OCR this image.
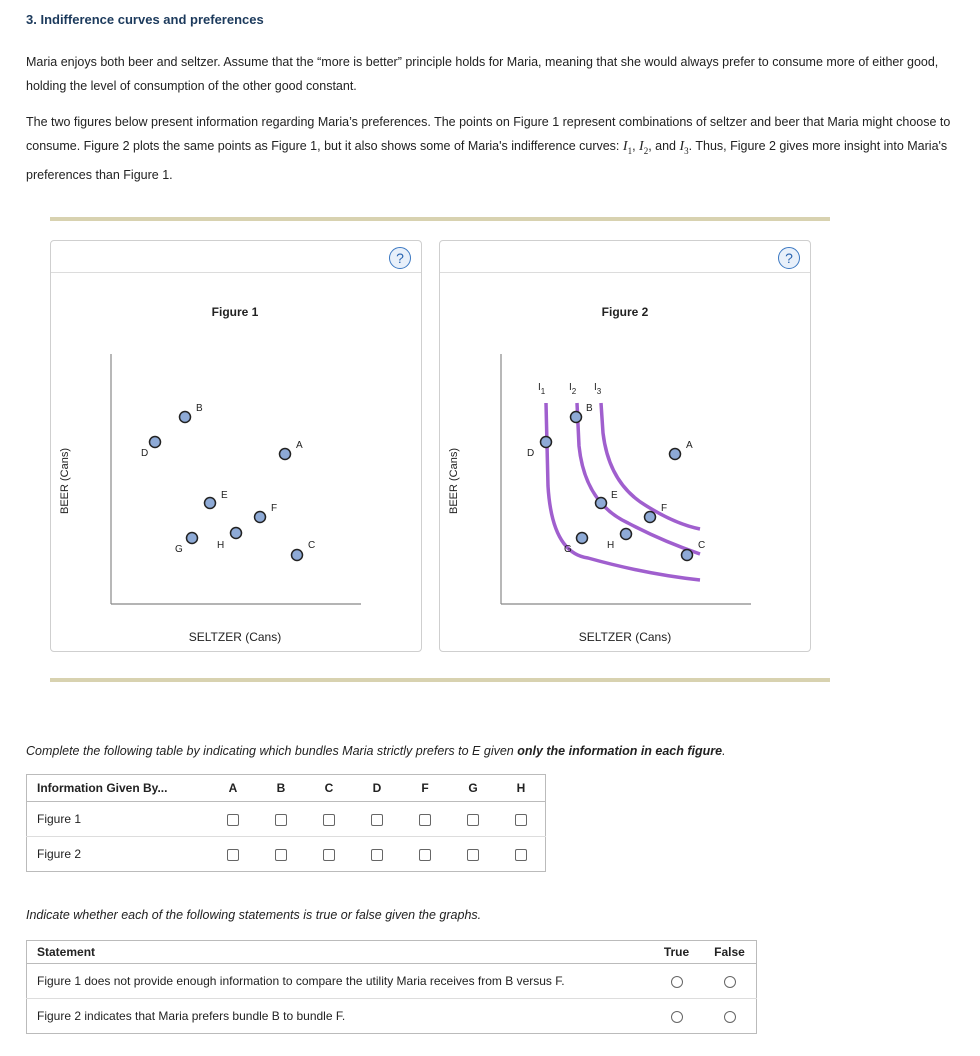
3. Indifference curves and preferences
Maria enjoys both beer and seltzer. Assume that the “more is better” principle holds for Maria, meaning that she would always prefer to consume more of either good, holding the level of consumption of the other good constant.
The two figures below present information regarding Maria’s preferences. The points on Figure 1 represent combinations of seltzer and beer that Maria might choose to consume. Figure 2 plots the same points as Figure 1, but it also shows some of Maria's indifference curves: $I_1$, $I_2$, and $I_3$. Thus, Figure 2 gives more insight into Maria's preferences than Figure 1.
?
Figure 1
SELTZER (Cans)
BEER (Cans)	D
B
A
E
F
G	H	C
?
Figure 2
SELTZER (Cans)
BEER (Cans)
$I_1$ $I_2$ $I_3$
D
B
A
E
F
G	H	C
Complete the following table by indicating which bundles Maria strictly prefers to E given only the information in each figure.
Information Given By...	A	B	C	D	F	G	H
Figure 1							
Figure 2							
Indicate whether each of the following statements is true or false given the graphs.
Statement	True	False
Figure 1 does not provide enough information to compare the utility Maria receives from B versus F.		
Figure 2 indicates that Maria prefers bundle B to bundle F.		
